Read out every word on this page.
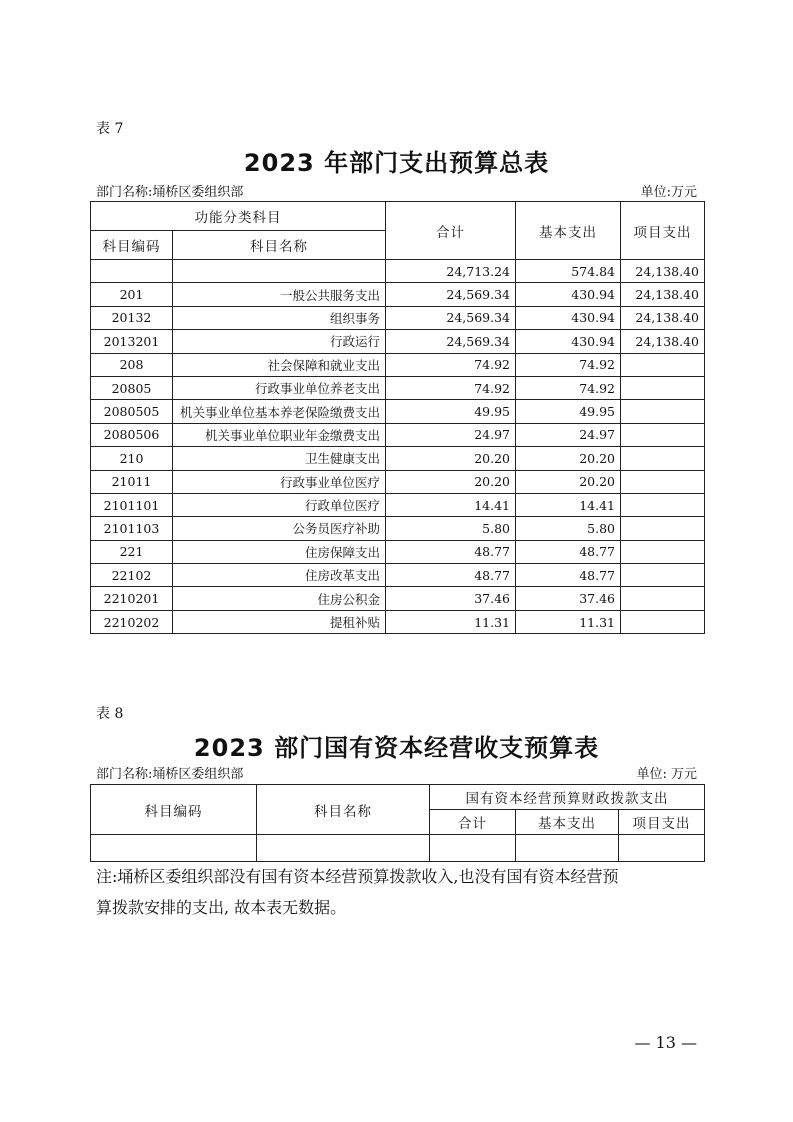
表 7
2023 年部门支出预算总表
部门名称:埇桥区委组织部	单位:万元
功能分类科目		合计	基本支出	项目支出
科目编码	科目名称			
		24,713.24	574.84	24,138.40
201	一般公共服务支出	24,569.34	430.94	24,138.40
20132	组织事务	24,569.34	430.94	24,138.40
2013201	行政运行	24,569.34	430.94	24,138.40
208	社会保障和就业支出	74.92	74.92	
20805	行政事业单位养老支出	74.92	74.92	
2080505	机关事业单位基本养老保险缴费支出	49.95	49.95	
2080506	机关事业单位职业年金缴费支出	24.97	24.97	
210	卫生健康支出	20.20	20.20	
21011	行政事业单位医疗	20.20	20.20	
2101101	行政单位医疗	14.41	14.41	
2101103	公务员医疗补助	5.80	5.80	
221	住房保障支出	48.77	48.77	
22102	住房改革支出	48.77	48.77	
2210201	住房公积金	37.46	37.46	
2210202	提租补贴	11.31	11.31	
表 8
2023 部门国有资本经营收支预算表
部门名称:埇桥区委组织部	单位: 万元
科目编码	科目名称	国有资本经营预算财政拨款支出		
		合计	基本支出	项目支出

注:埇桥区委组织部没有国有资本经营预算拨款收入,也没有国有资本经营预
算拨款安排的支出, 故本表无数据。
— 13 —
